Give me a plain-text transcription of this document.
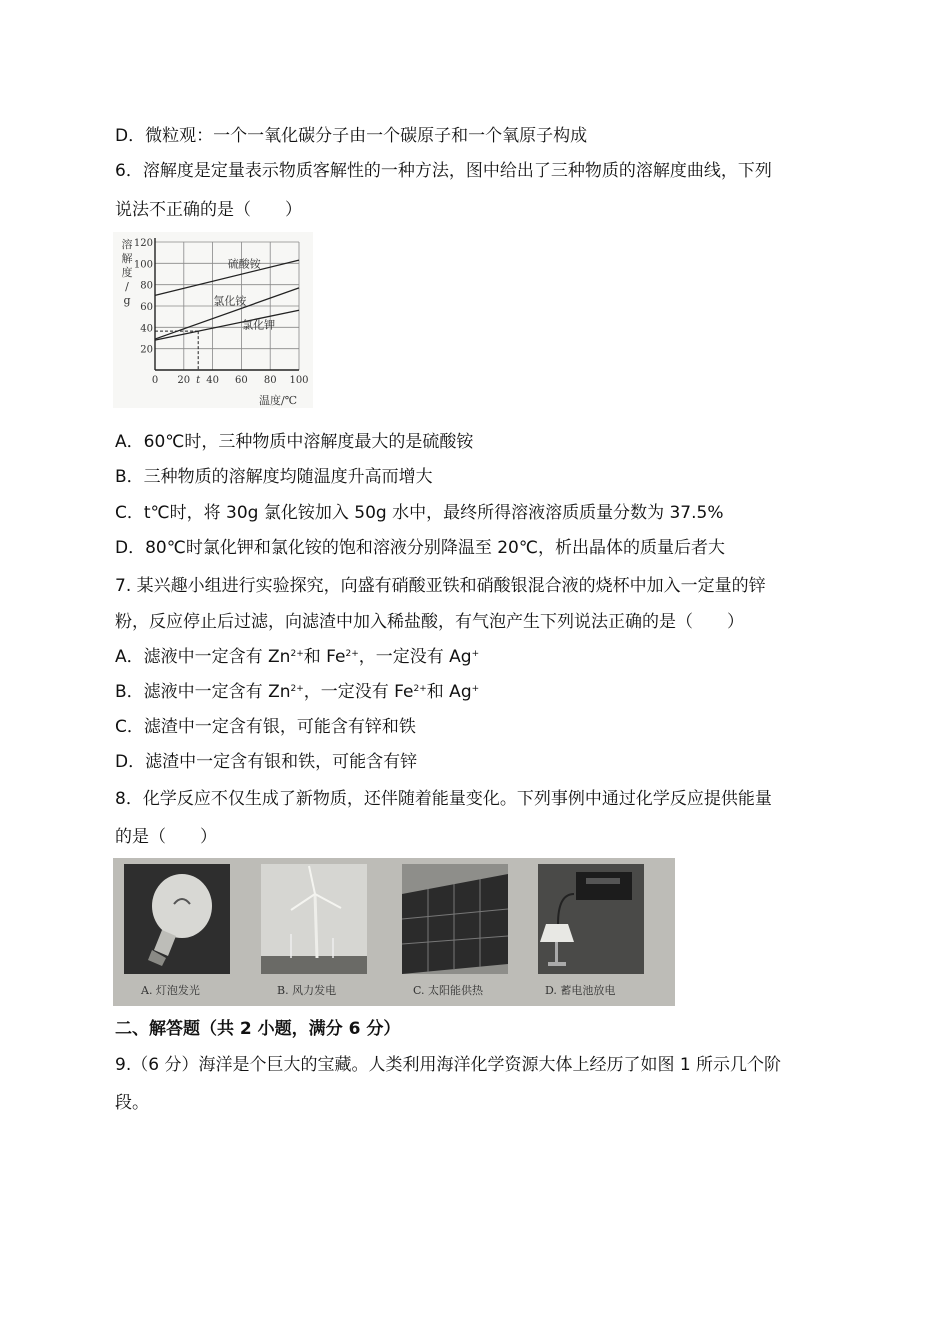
D．微粒观：一个一氧化碳分子由一个碳原子和一个氧原子构成
6．溶解度是定量表示物质客解性的一种方法，图中给出了三种物质的溶解度曲线，下列
说法不正确的是（　　）
20
40
60
80
100
120
0 20 t 40 60 80 100
溶
解
度
/
g
温度/℃
硫酸铵
氯化铵
氯化钾
A．60℃时，三种物质中溶解度最大的是硫酸铵
B．三种物质的溶解度均随温度升高而增大
C．t℃时，将 30g 氯化铵加入 50g 水中，最终所得溶液溶质质量分数为 37.5%
D．80℃时氯化钾和氯化铵的饱和溶液分别降温至 20℃，析出晶体的质量后者大
7. 某兴趣小组进行实验探究，向盛有硝酸亚铁和硝酸银混合液的烧杯中加入一定量的锌
粉，反应停止后过滤，向滤渣中加入稀盐酸，有气泡产生下列说法正确的是（　　）
A．滤液中一定含有 $Zn^{2+}$和 $Fe^{2+}$，一定没有 Ag+
B．滤液中一定含有 $Zn^{2+}$，一定没有 $Fe^{2+}$和 Ag+
C．滤渣中一定含有银，可能含有锌和铁
D．滤渣中一定含有银和铁，可能含有锌
8．化学反应不仅生成了新物质，还伴随着能量变化。下列事例中通过化学反应提供能量
的是（　　）
A. 灯泡发光	B. 风力发电	C. 太阳能供热	D. 蓄电池放电
二、解答题（共 2 小题，满分 6 分）
9.（6 分）海洋是个巨大的宝藏。人类利用海洋化学资源大体上经历了如图 1 所示几个阶
段。
